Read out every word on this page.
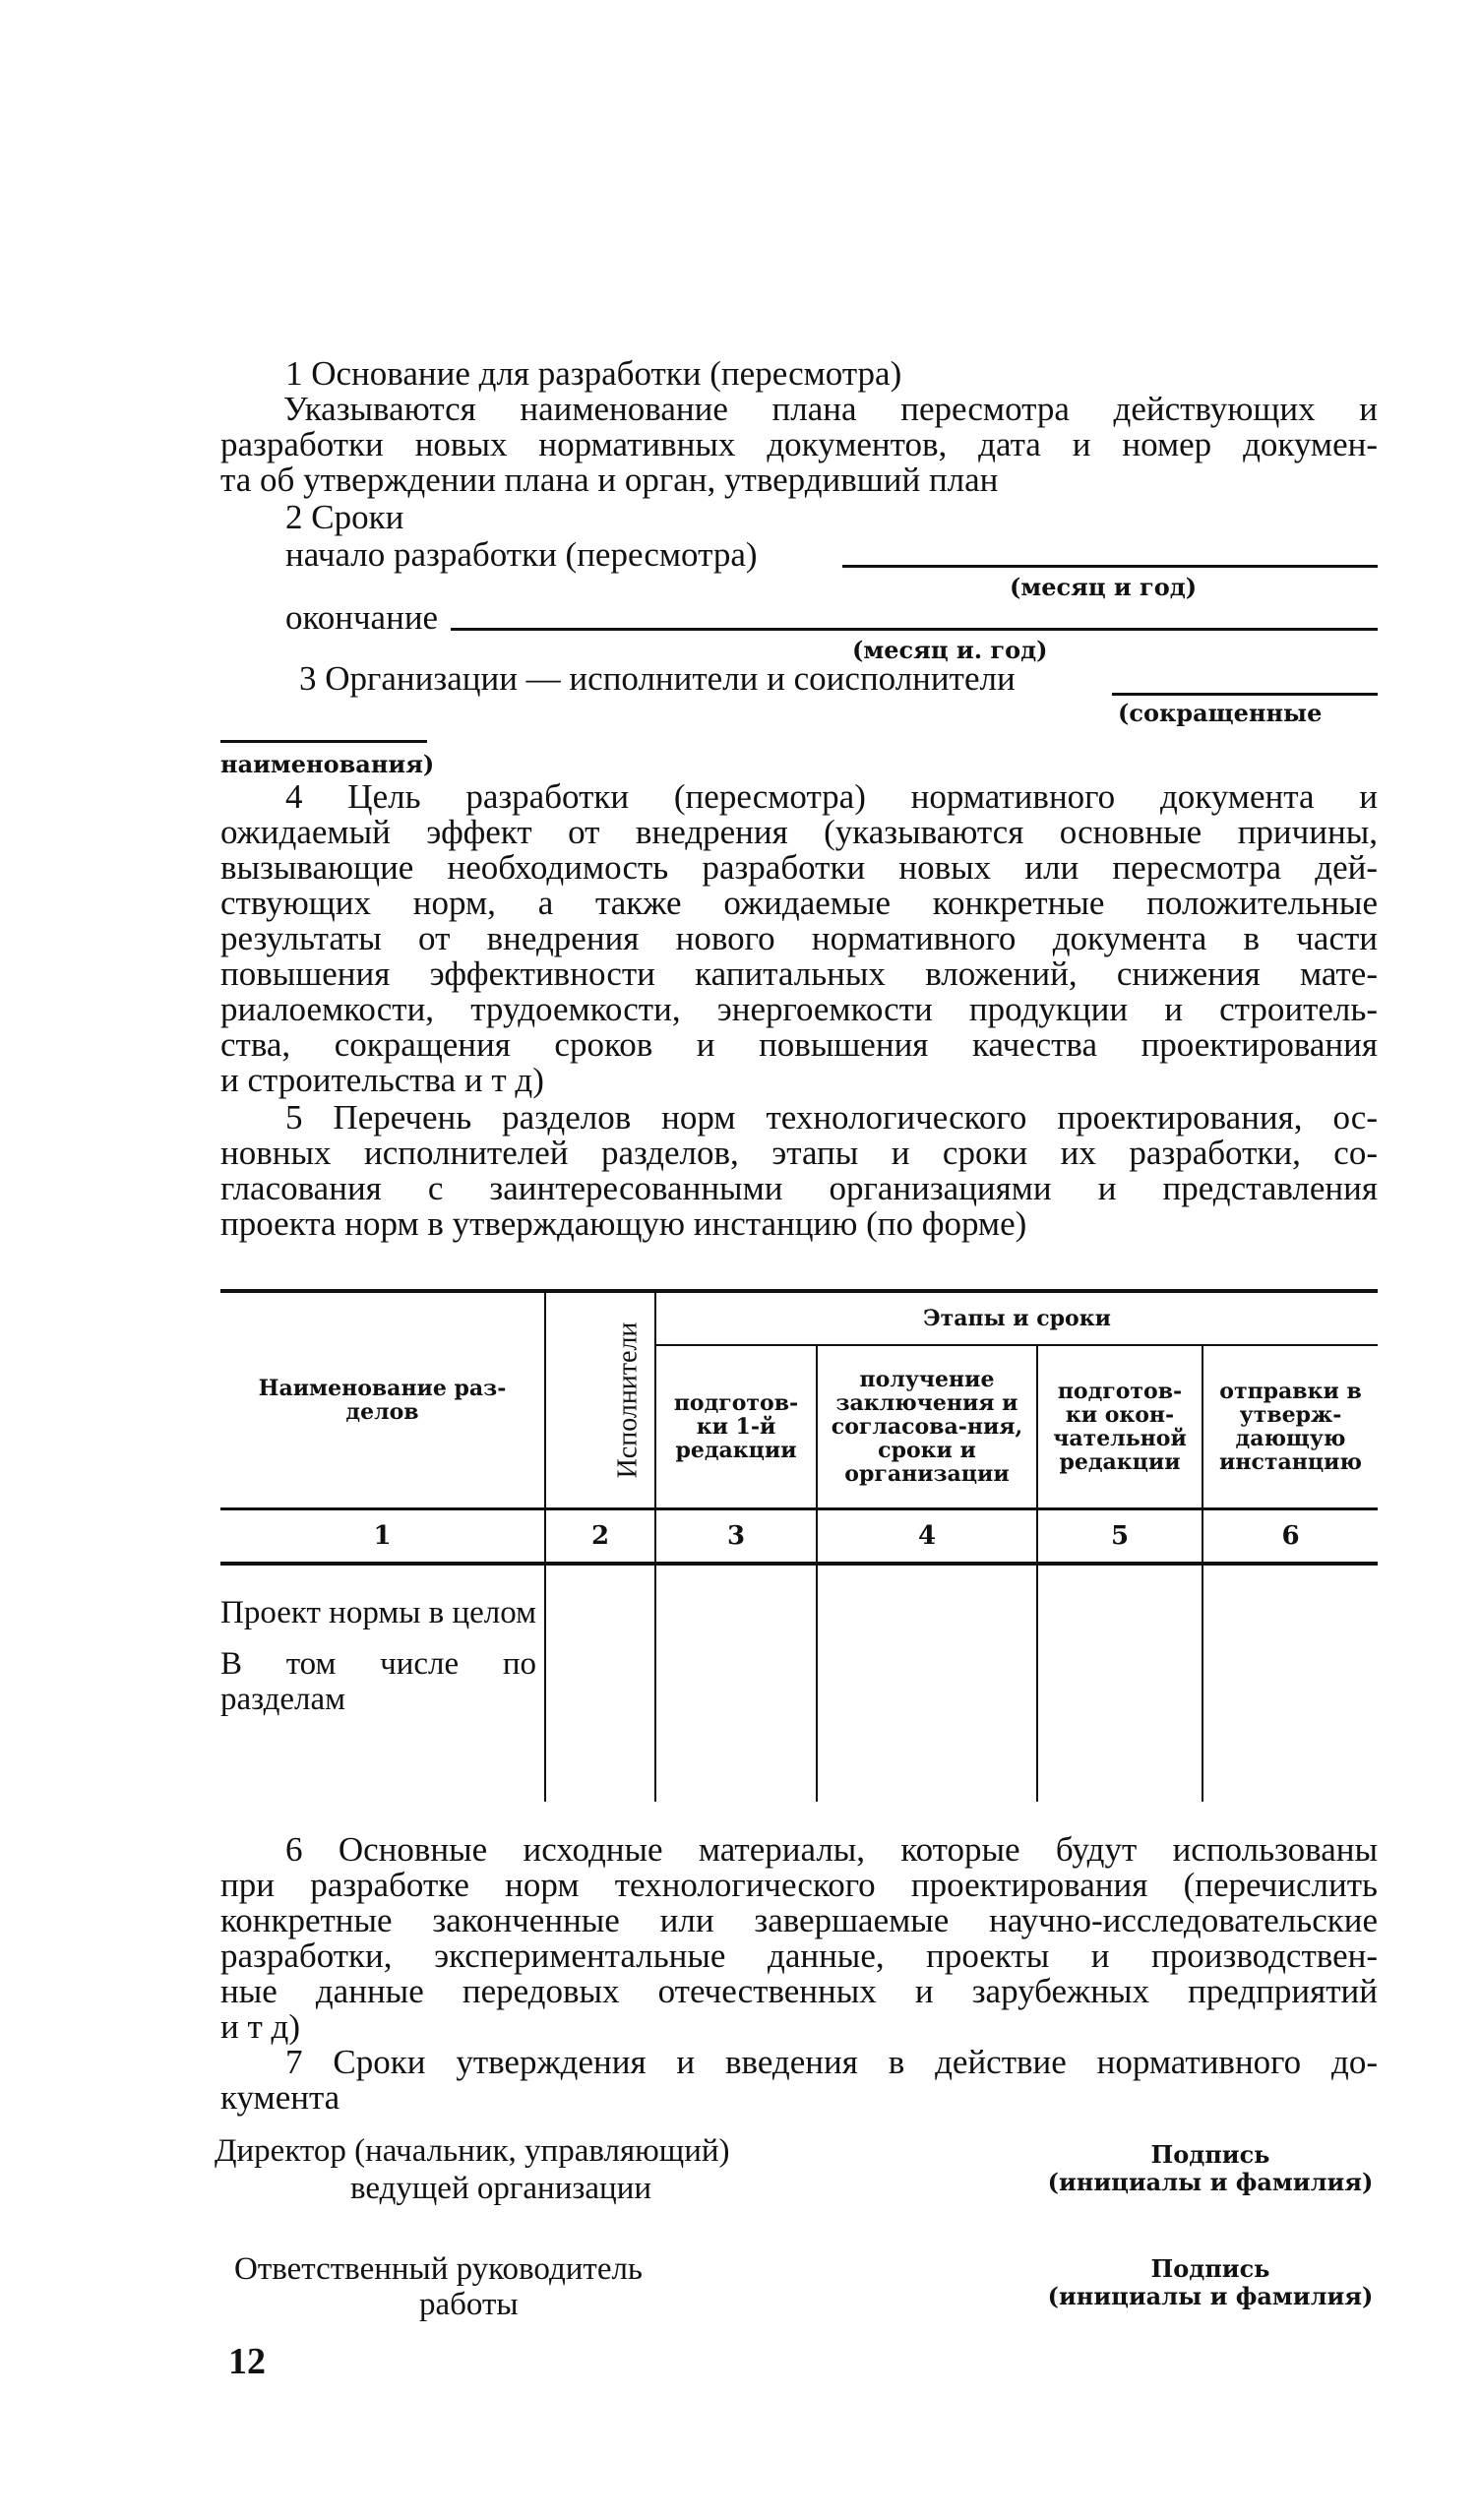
1 Основание для разработки (пересмотра)

Указываются наименование плана пересмотра действующих и

разработки новых нормативных документов, дата и номер докумен-

та об утверждении плана и орган, утвердивший план

2 Сроки

начало разработки (пересмотра)

(месяц и год)

окончание

(месяц и. год)

3 Организации — исполнители и соисполнители

(сокращенные
наименования)

4 Цель разработки (пересмотра) нормативного документа и

ожидаемый эффект от внедрения (указываются основные причины,

вызывающие необходимость разработки новых или пересмотра дей-

ствующих норм, а также ожидаемые конкретные положительные

результаты от внедрения нового нормативного документа в части

повышения эффективности капитальных вложений, снижения мате-

риалоемкости, трудоемкости, энергоемкости продукции и строитель-

ства, сокращения сроков и повышения качества проектирования

и строительства и т д)

5 Перечень разделов норм технологического проектирования, ос-

новных исполнителей разделов, этапы и сроки их разработки, со-

гласования с заинтересованными организациями и представления

проекта норм в утверждающую инстанцию (по форме)

Наименование раз-делов	Исполнители	Этапы и сроки			
		подготов-ки 1-й редакции	получение заключения и согласова-ния, сроки и организации	подготов-ки окон-чательной редакции	отправки в утверж-дающую инстанцию
1	2	3	4	5	6

Проект нормы в целом
В том числе по разделам					

6 Основные исходные материалы, которые будут использованы

при разработке норм технологического проектирования (перечислить

конкретные законченные или завершаемые научно-исследовательские

разработки, экспериментальные данные, проекты и производствен-

ные данные передовых отечественных и зарубежных предприятий

и т д)

7 Сроки утверждения и введения в действие нормативного до-

кумента

Директор (начальник, управляющий)
ведущей организации
Подпись
(инициалы и фамилия)
Ответственный руководитель
работы
Подпись
(инициалы и фамилия)
12
